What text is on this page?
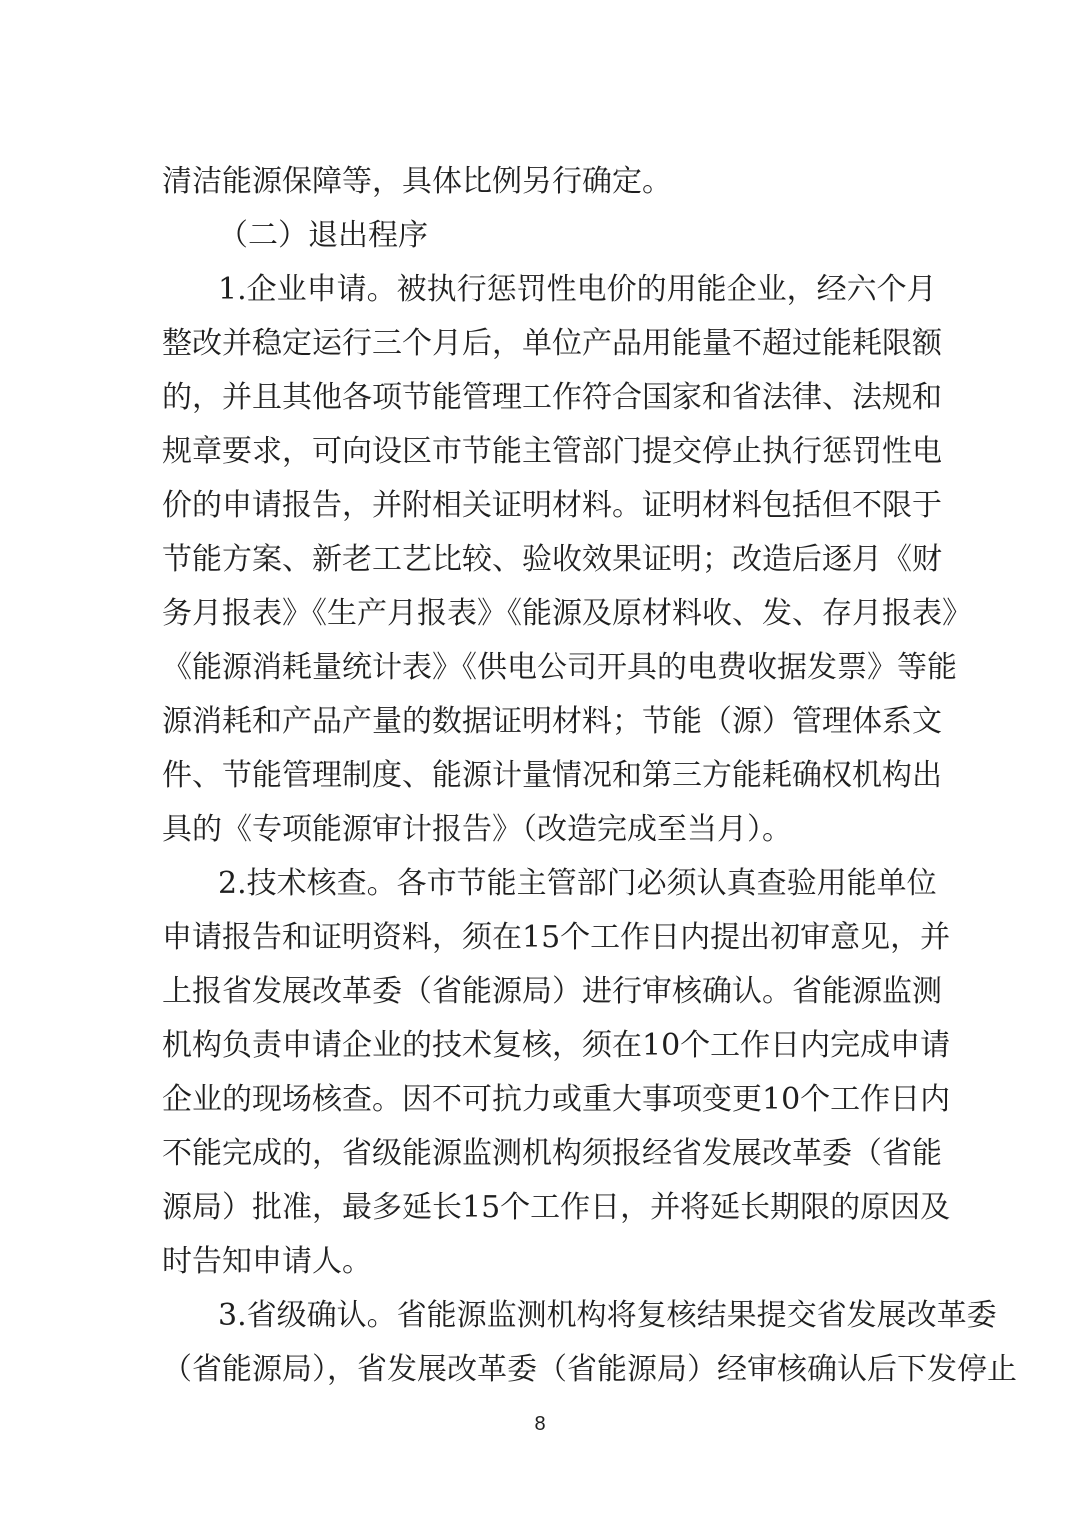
清洁能源保障等，具体比例另行确定。
（二）退出程序
1.企业申请。被执行惩罚性电价的用能企业，经六个月
整改并稳定运行三个月后，单位产品用能量不超过能耗限额
的，并且其他各项节能管理工作符合国家和省法律、法规和
规章要求，可向设区市节能主管部门提交停止执行惩罚性电
价的申请报告，并附相关证明材料。证明材料包括但不限于
节能方案、新老工艺比较、验收效果证明；改造后逐月《财
务月报表》《生产月报表》《能源及原材料收、发、存月报表》
《能源消耗量统计表》《供电公司开具的电费收据发票》等能
源消耗和产品产量的数据证明材料；节能（源）管理体系文
件、节能管理制度、能源计量情况和第三方能耗确权机构出
具的《专项能源审计报告》（改造完成至当月）。
2.技术核查。各市节能主管部门必须认真查验用能单位
申请报告和证明资料，须在15个工作日内提出初审意见，并
上报省发展改革委（省能源局）进行审核确认。省能源监测
机构负责申请企业的技术复核，须在10个工作日内完成申请
企业的现场核查。因不可抗力或重大事项变更10个工作日内
不能完成的，省级能源监测机构须报经省发展改革委（省能
源局）批准，最多延长15个工作日，并将延长期限的原因及
时告知申请人。
3.省级确认。省能源监测机构将复核结果提交省发展改革委
（省能源局），省发展改革委（省能源局）经审核确认后下发停止
8
